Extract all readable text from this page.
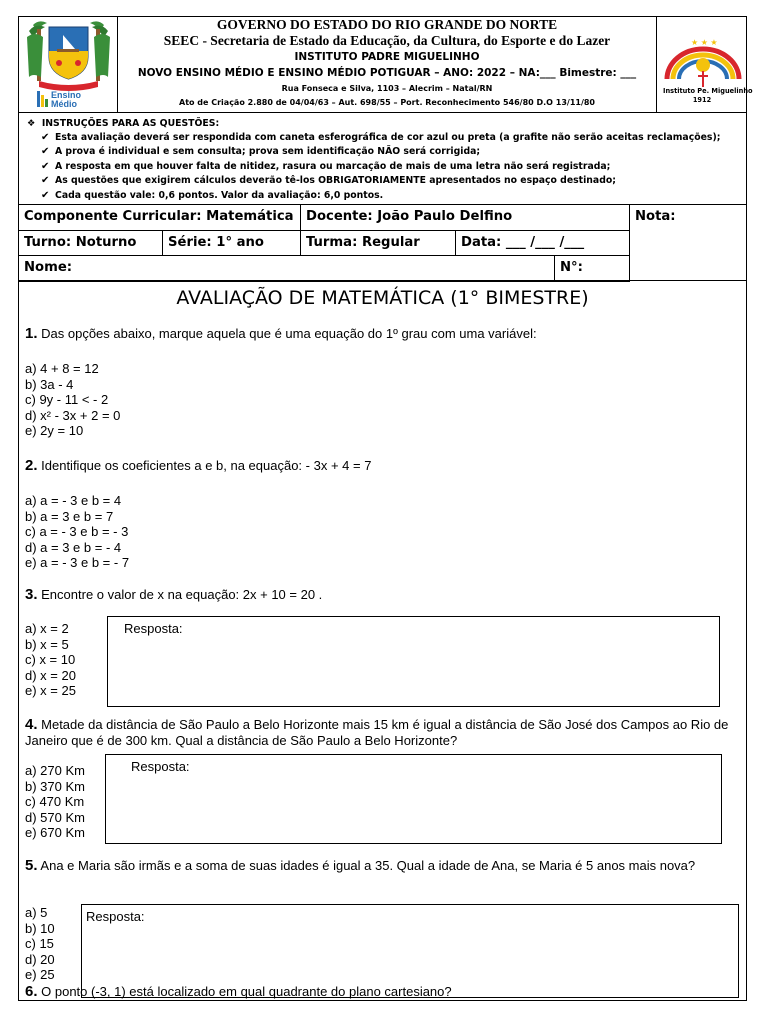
Ensino Médio
GOVERNO DO ESTADO DO RIO GRANDE DO NORTE
SEEC - Secretaria de Estado da Educação, da Cultura, do Esporte e do Lazer
INSTITUTO PADRE MIGUELINHO
NOVO ENSINO MÉDIO E ENSINO MÉDIO POTIGUAR – ANO: 2022 – NA:___ Bimestre: ___
Rua Fonseca e Silva, 1103 – Alecrim – Natal/RN
Ato de Criação 2.880 de 04/04/63 – Aut. 698/55 – Port. Reconhecimento 546/80 D.O 13/11/80
★ ★ ★
Instituto Pe. Miguelinho
1912
❖  INSTRUÇÕES PARA AS QUESTÕES:
✔ Esta avaliação deverá ser respondida com caneta esferográfica de cor azul ou preta (a grafite não serão aceitas reclamações);
✔ A prova é individual e sem consulta; prova sem identificação NÃO será corrigida;
✔ A resposta em que houver falta de nitidez, rasura ou marcação de mais de uma letra não será registrada;
✔ As questões que exigirem cálculos deverão tê-los OBRIGATORIAMENTE apresentados no espaço destinado;
✔ Cada questão vale: 0,6 pontos. Valor da avaliação: 6,0 pontos.
Componente Curricular: Matemática Docente: João Paulo Delfino	Nota:
Turno: Noturno	Série: 1° ano	Turma: Regular	Data: ___ /___ /___
Nome:	N°:
AVALIAÇÃO DE MATEMÁTICA (1° BIMESTRE)
1. Das opções abaixo, marque aquela que é uma equação do 1º grau com uma variável:
a) 4 + 8 = 12
b) 3a - 4
c) 9y - 11 < - 2
d) x² - 3x + 2 = 0
e) 2y = 10
2. Identifique os coeficientes a e b, na equação: - 3x + 4 = 7
a) a = - 3 e b = 4
b) a = 3 e b = 7
c) a = - 3 e b = - 3
d) a = 3 e b = - 4
e) a = - 3 e b = - 7
3. Encontre o valor de x na equação: 2x + 10 = 20 .
a) x = 2
b) x = 5
c) x = 10
d) x = 20
e) x = 25
Resposta:
4. Metade da distância de São Paulo a Belo Horizonte mais 15 km é igual a distância de São José dos Campos ao Rio de Janeiro que é de 300 km. Qual a distância de São Paulo a Belo Horizonte?
a) 270 Km
b) 370 Km
c) 470 Km
d) 570 Km
e) 670 Km
Resposta:
5. Ana e Maria são irmãs e a soma de suas idades é igual a 35. Qual a idade de Ana, se Maria é 5 anos mais nova?
a) 5
b) 10
c) 15
d) 20
e) 25
Resposta:
6. O ponto (-3, 1) está localizado em qual quadrante do plano cartesiano?
